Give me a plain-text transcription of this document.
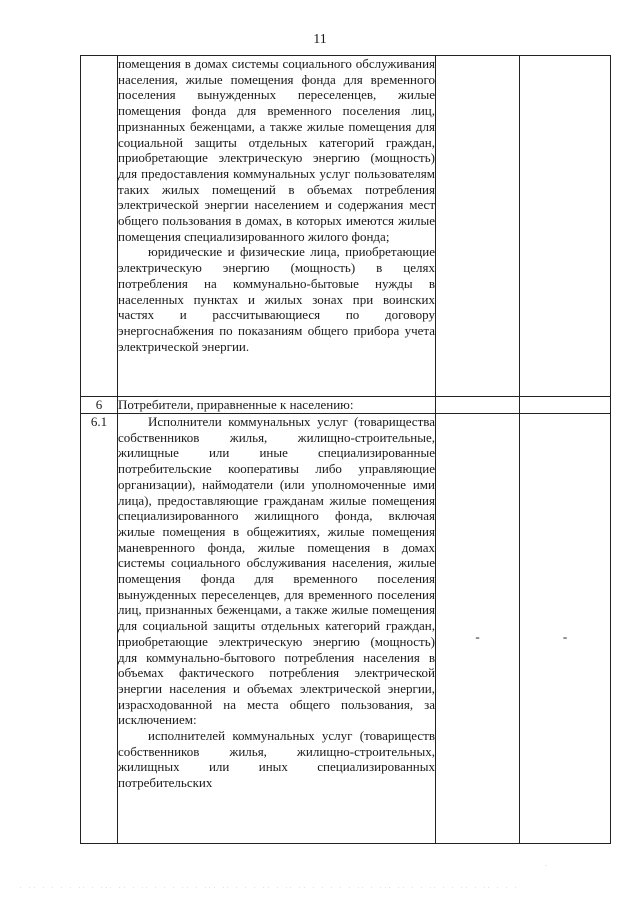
11

	помещения в домах системы социального обслуживания населения, жилые помещения фонда для временного поселения вынужденных переселенцев, жилые помещения фонда для временного поселения лиц, признанных беженцами, а также жилые помещения для социальной защиты отдельных категорий граждан, приобретающие электрическую энергию (мощность) для предоставления коммунальных услуг пользователям таких жилых помещений в объемах потребления электрической энергии населением и содержания мест общего пользования в домах, в которых имеются жилые помещения специализированного жилого фонда;

юридические и физические лица, приобретающие электрическую энергию (мощность) в целях потребления на коммунально-бытовые нужды в населенных пунктах и жилых зонах при воинских частях и рассчитывающиеся по договору энергоснабжения по показаниям общего прибора учета электрической энергии.		

6	Потребители, приравненные к населению:		
6.1	Исполнители коммунальных услуг (товарищества собственников жилья, жилищно-строительные, жилищные или иные специализированные потребительские кооперативы либо управляющие организации), наймодатели (или уполномоченные ими лица), предоставляющие гражданам жилые помещения специализированного жилищного фонда, включая жилые помещения в общежитиях, жилые помещения маневренного фонда, жилые помещения в домах системы социального обслуживания населения, жилые помещения фонда для временного поселения вынужденных переселенцев, для временного поселения лиц, признанных беженцами, а также жилые помещения для социальной защиты отдельных категорий граждан, приобретающие электрическую энергию (мощность) для коммунально-бытового потребления населения в объемах фактического потребления электрической энергии населения и объемах электрической энергии, израсходованной на места общего пользования, за исключением:

исполнителей коммунальных услуг (товариществ собственников жилья, жилищно-строительных, жилищных или иных специализированных потребительских	-	-
·
. .. . . . . .. . ... .. . .. . . . .. . ... .. . . . .. . .. .. . . . . . .. . ... .. . . .. . . .. . .. . . .
